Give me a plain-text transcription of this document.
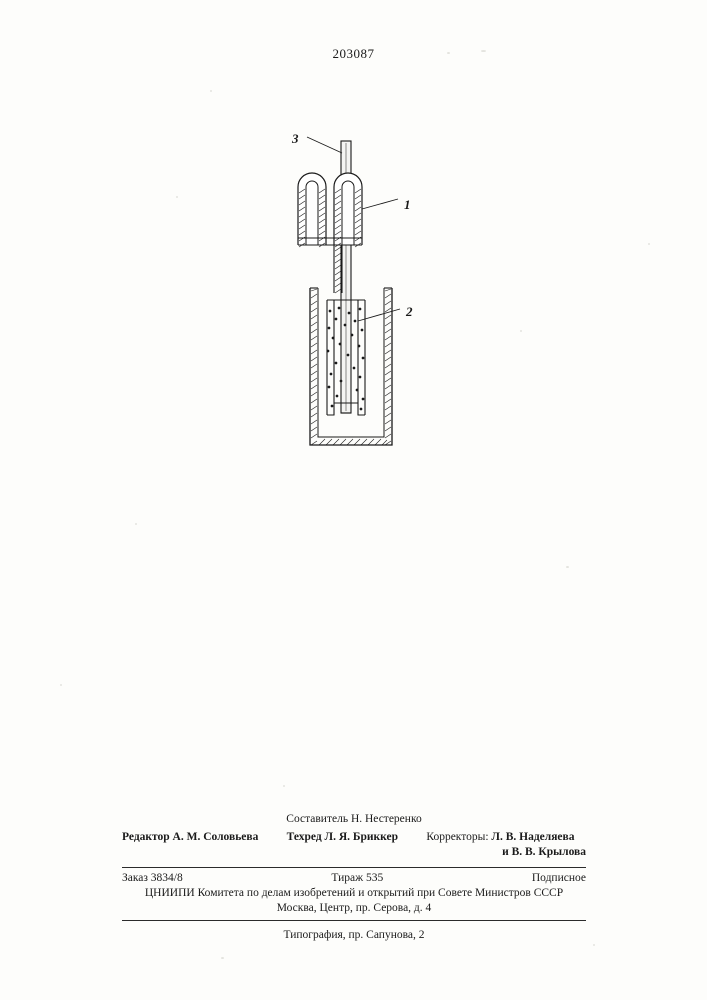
203087
3
1
2
Составитель Н. Нестеренко
Редактор А. М. Соловьева	Техред Л. Я. Бриккер	Корректоры: Л. В. Наделяева
и В. В. Крылова
Заказ 3834/8	Тираж 535	Подписное
ЦНИИПИ Комитета по делам изобретений и открытий при Совете Министров СССР
Москва, Центр, пр. Серова, д. 4
Типография, пр. Сапунова, 2
